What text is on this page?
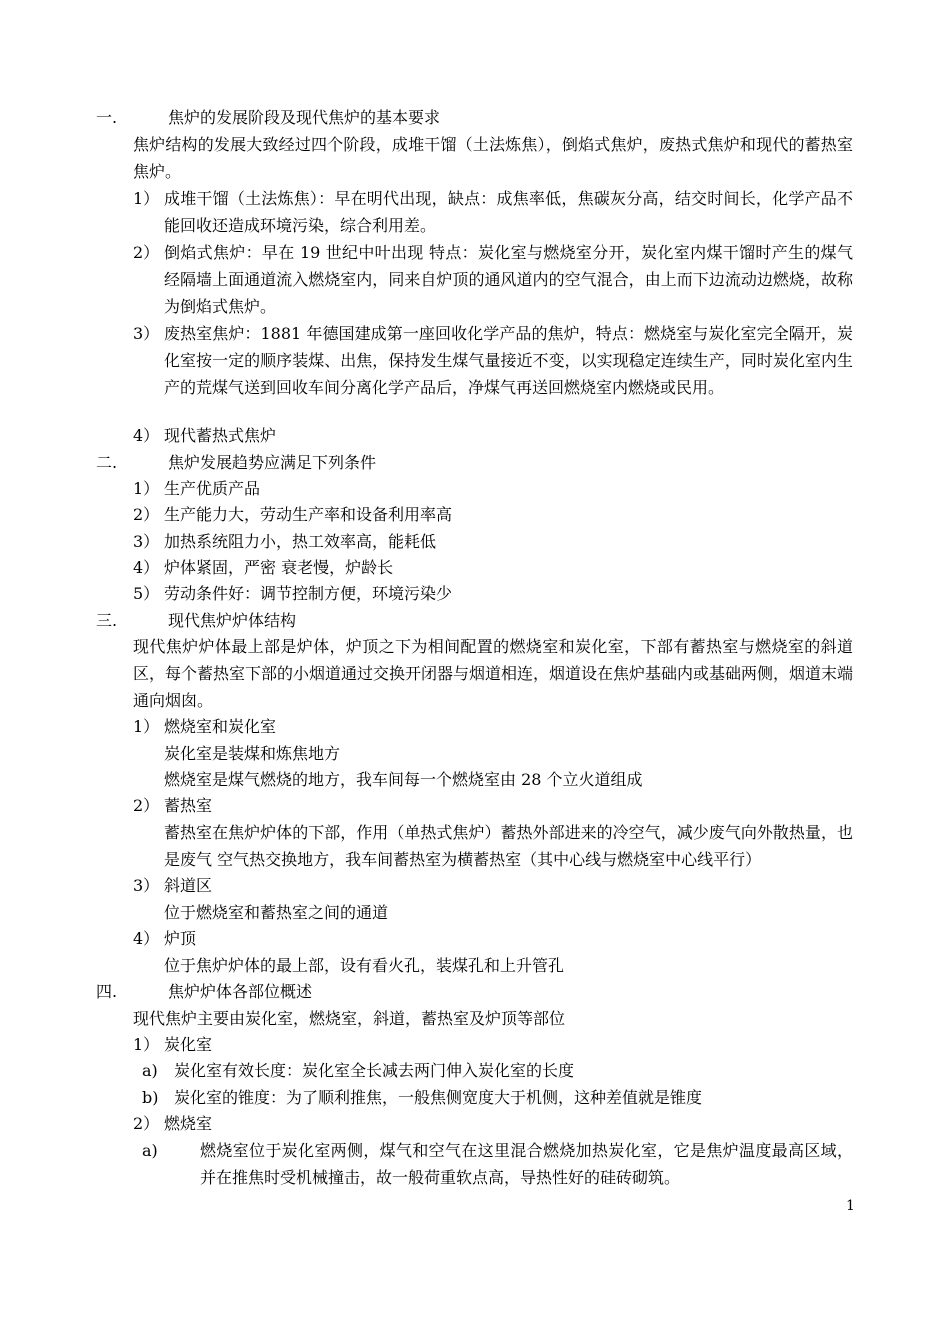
一.	焦炉的发展阶段及现代焦炉的基本要求
焦炉结构的发展大致经过四个阶段，成堆干馏（土法炼焦），倒焰式焦炉，废热式焦炉和现代的蓄热室焦炉。
1） 成堆干馏（土法炼焦）：早在明代出现，缺点：成焦率低，焦碳灰分高，结交时间长，化学产品不能回收还造成环境污染，综合利用差。
2） 倒焰式焦炉：早在 19 世纪中叶出现 特点：炭化室与燃烧室分开，炭化室内煤干馏时产生的煤气经隔墙上面通道流入燃烧室内，同来自炉顶的通风道内的空气混合，由上而下边流动边燃烧，故称为倒焰式焦炉。
3） 废热室焦炉：1881 年德国建成第一座回收化学产品的焦炉，特点：燃烧室与炭化室完全隔开，炭化室按一定的顺序装煤、出焦，保持发生煤气量接近不变，以实现稳定连续生产，同时炭化室内生产的荒煤气送到回收车间分离化学产品后，净煤气再送回燃烧室内燃烧或民用。
4） 现代蓄热式焦炉
二.	焦炉发展趋势应满足下列条件
1） 生产优质产品
2） 生产能力大，劳动生产率和设备利用率高
3） 加热系统阻力小，热工效率高，能耗低
4） 炉体紧固，严密 衰老慢，炉龄长
5） 劳动条件好：调节控制方便，环境污染少
三.	现代焦炉炉体结构
现代焦炉炉体最上部是炉体，炉顶之下为相间配置的燃烧室和炭化室，下部有蓄热室与燃烧室的斜道区，每个蓄热室下部的小烟道通过交换开闭器与烟道相连，烟道设在焦炉基础内或基础两侧，烟道末端通向烟囱。
1） 燃烧室和炭化室
炭化室是装煤和炼焦地方
燃烧室是煤气燃烧的地方，我车间每一个燃烧室由 28 个立火道组成
2） 蓄热室
蓄热室在焦炉炉体的下部，作用（单热式焦炉）蓄热外部进来的冷空气，减少废气向外散热量，也是废气 空气热交换地方，我车间蓄热室为横蓄热室（其中心线与燃烧室中心线平行）
3） 斜道区
位于燃烧室和蓄热室之间的通道
4） 炉顶
位于焦炉炉体的最上部，设有看火孔，装煤孔和上升管孔
四.	焦炉炉体各部位概述
现代焦炉主要由炭化室，燃烧室，斜道，蓄热室及炉顶等部位
1） 炭化室
a) 炭化室有效长度：炭化室全长减去两门伸入炭化室的长度
b) 炭化室的锥度：为了顺利推焦，一般焦侧宽度大于机侧，这种差值就是锥度
2） 燃烧室
a)	燃烧室位于炭化室两侧，煤气和空气在这里混合燃烧加热炭化室，它是焦炉温度最高区域，并在推焦时受机械撞击，故一般荷重软点高，导热性好的硅砖砌筑。
1
